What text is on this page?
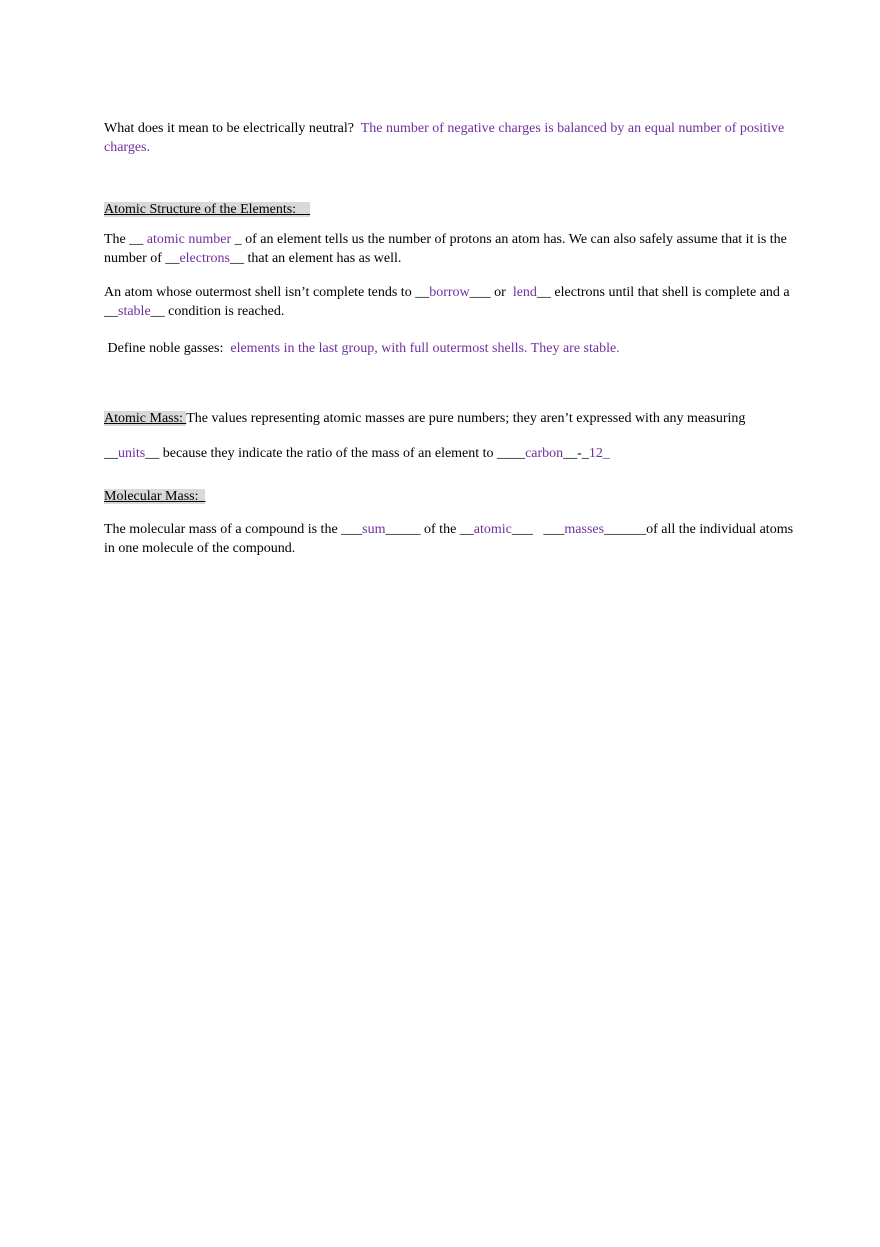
What does it mean to be electrically neutral? The number of negative charges is balanced by an equal number of positive charges.

Atomic Structure of the Elements:

The __ atomic number _ of an element tells us the number of protons an atom has. We can also safely assume that it is the number of __electrons__ that an element has as well.

An atom whose outermost shell isn’t complete tends to __borrow___ or  lend__ electrons until that shell is complete and a __stable__ condition is reached.

Define noble gasses:  elements in the last group, with full outermost shells. They are stable.

Atomic Mass: The values representing atomic masses are pure numbers; they aren’t expressed with any measuring

__units__ because they indicate the ratio of the mass of an element to ____carbon__-_12_

Molecular Mass:

The molecular mass of a compound is the ___sum_____ of the __atomic___   ___masses______of all the individual atoms in one molecule of the compound.
